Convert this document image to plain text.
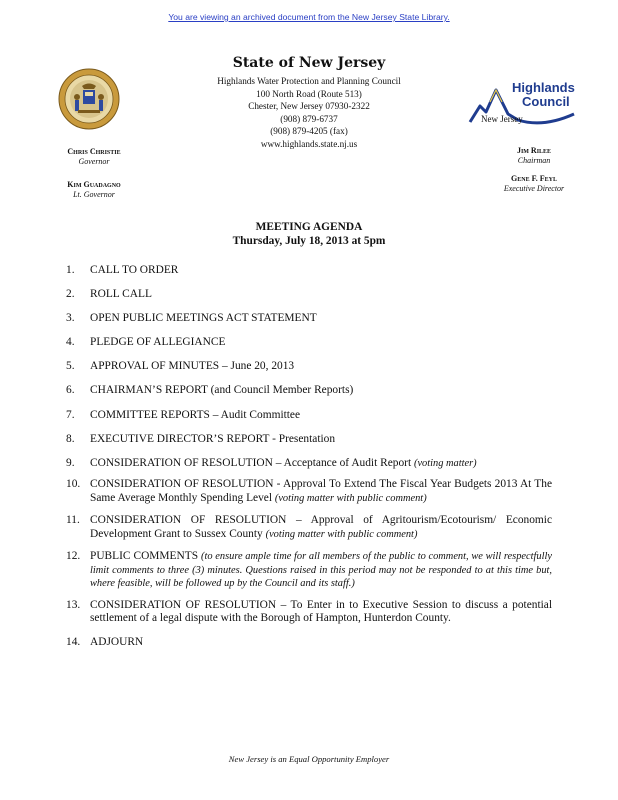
You are viewing an archived document from the New Jersey State Library.
State of New Jersey
Highlands Water Protection and Planning Council
100 North Road (Route 513)
Chester, New Jersey 07930-2322
(908) 879-6737
(908) 879-4205 (fax)
www.highlands.state.nj.us
Highlands
Council
New Jersey
Chris Christie
Governor
Kim Guadagno
Lt. Governor
Jim Rilee
Chairman
Gene F. Feyl
Executive Director
MEETING AGENDA
Thursday, July 18, 2013 at 5pm
1.	CALL TO ORDER
2.	ROLL CALL
3.	OPEN PUBLIC MEETINGS ACT STATEMENT
4.	PLEDGE OF ALLEGIANCE
5.	APPROVAL OF MINUTES – June 20, 2013
6.	CHAIRMAN’S REPORT (and Council Member Reports)
7.	COMMITTEE REPORTS – Audit Committee
8.	EXECUTIVE DIRECTOR’S REPORT - Presentation
9.	CONSIDERATION OF RESOLUTION – Acceptance of Audit Report (voting matter)
10. CONSIDERATION OF RESOLUTION - Approval To Extend The Fiscal Year Budgets 2013 At The Same Average Monthly Spending Level (voting matter with public comment)
11. CONSIDERATION OF RESOLUTION – Approval of Agritourism/Ecotourism/ Economic Development Grant to Sussex County (voting matter with public comment)
12. PUBLIC COMMENTS (to ensure ample time for all members of the public to comment, we will respectfully limit comments to three (3) minutes. Questions raised in this period may not be responded to at this time but, where feasible, will be followed up by the Council and its staff.)
13. CONSIDERATION OF RESOLUTION – To Enter in to Executive Session to discuss a potential settlement of a legal dispute with the Borough of Hampton, Hunterdon County.
14. ADJOURN
New Jersey is an Equal Opportunity Employer
